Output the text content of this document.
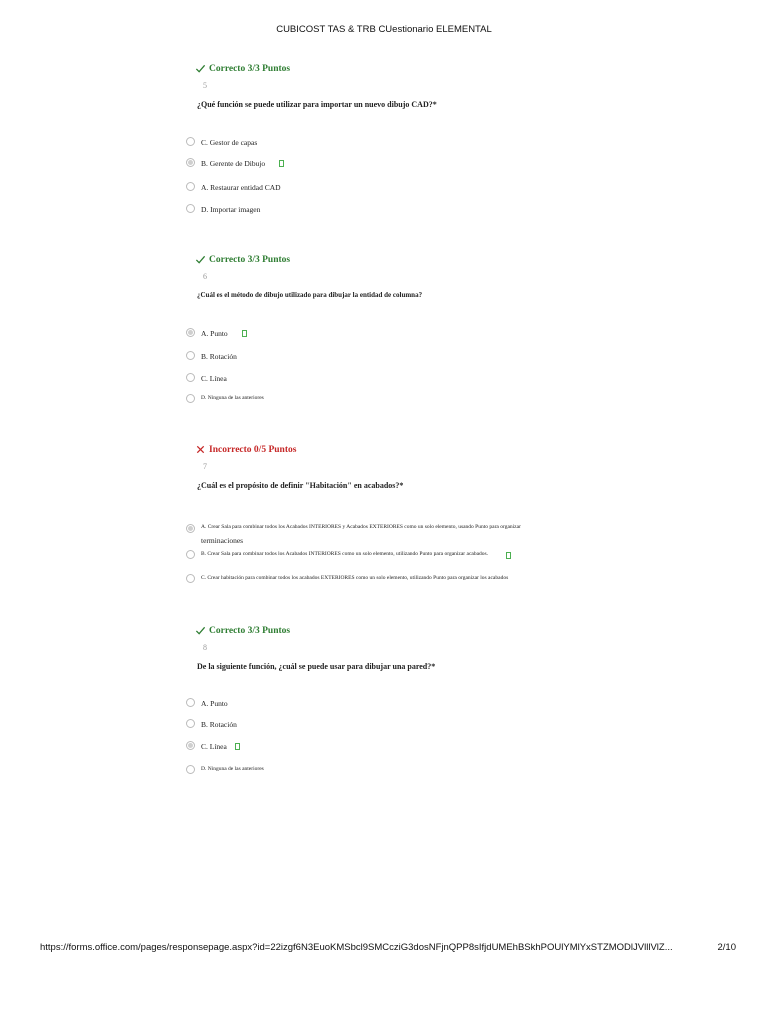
CUBICOST TAS & TRB CUestionario ELEMENTAL
Correcto 3/3 Puntos
5
¿Qué función se puede utilizar para importar un nuevo dibujo CAD?*
C. Gestor de capas
B. Gerente de Dibujo
A. Restaurar entidad CAD
D. Importar imagen
Correcto 3/3 Puntos
6
¿Cuál es el método de dibujo utilizado para dibujar la entidad de columna?
A. Punto
B. Rotación
C. Línea
D. Ninguna de las anteriores
Incorrecto 0/5 Puntos
7
¿Cuál es el propósito de definir "Habitación" en acabados?*
A. Crear Sala para combinar todos los Acabados INTERIORES y Acabados EXTERIORES como un solo elemento, usando Punto para organizar
terminaciones
B. Crear Sala para combinar todos los Acabados INTERIORES como un solo elemento, utilizando Punto para organizar acabados.
C. Crear habitación para combinar todos los acabados EXTERIORES como un solo elemento, utilizando Punto para organizar los acabados
Correcto 3/3 Puntos
8
De la siguiente función, ¿cuál se puede usar para dibujar una pared?*
A. Punto
B. Rotación
C. Línea
D. Ninguna de las anteriores
https://forms.office.com/pages/responsepage.aspx?id=22izgf6N3EuoKMSbcl9SMCcziG3dosNFjnQPP8sIfjdUMEhBSkhPOUlYMlYxSTZMODlJVlllVlZ...	2/10
